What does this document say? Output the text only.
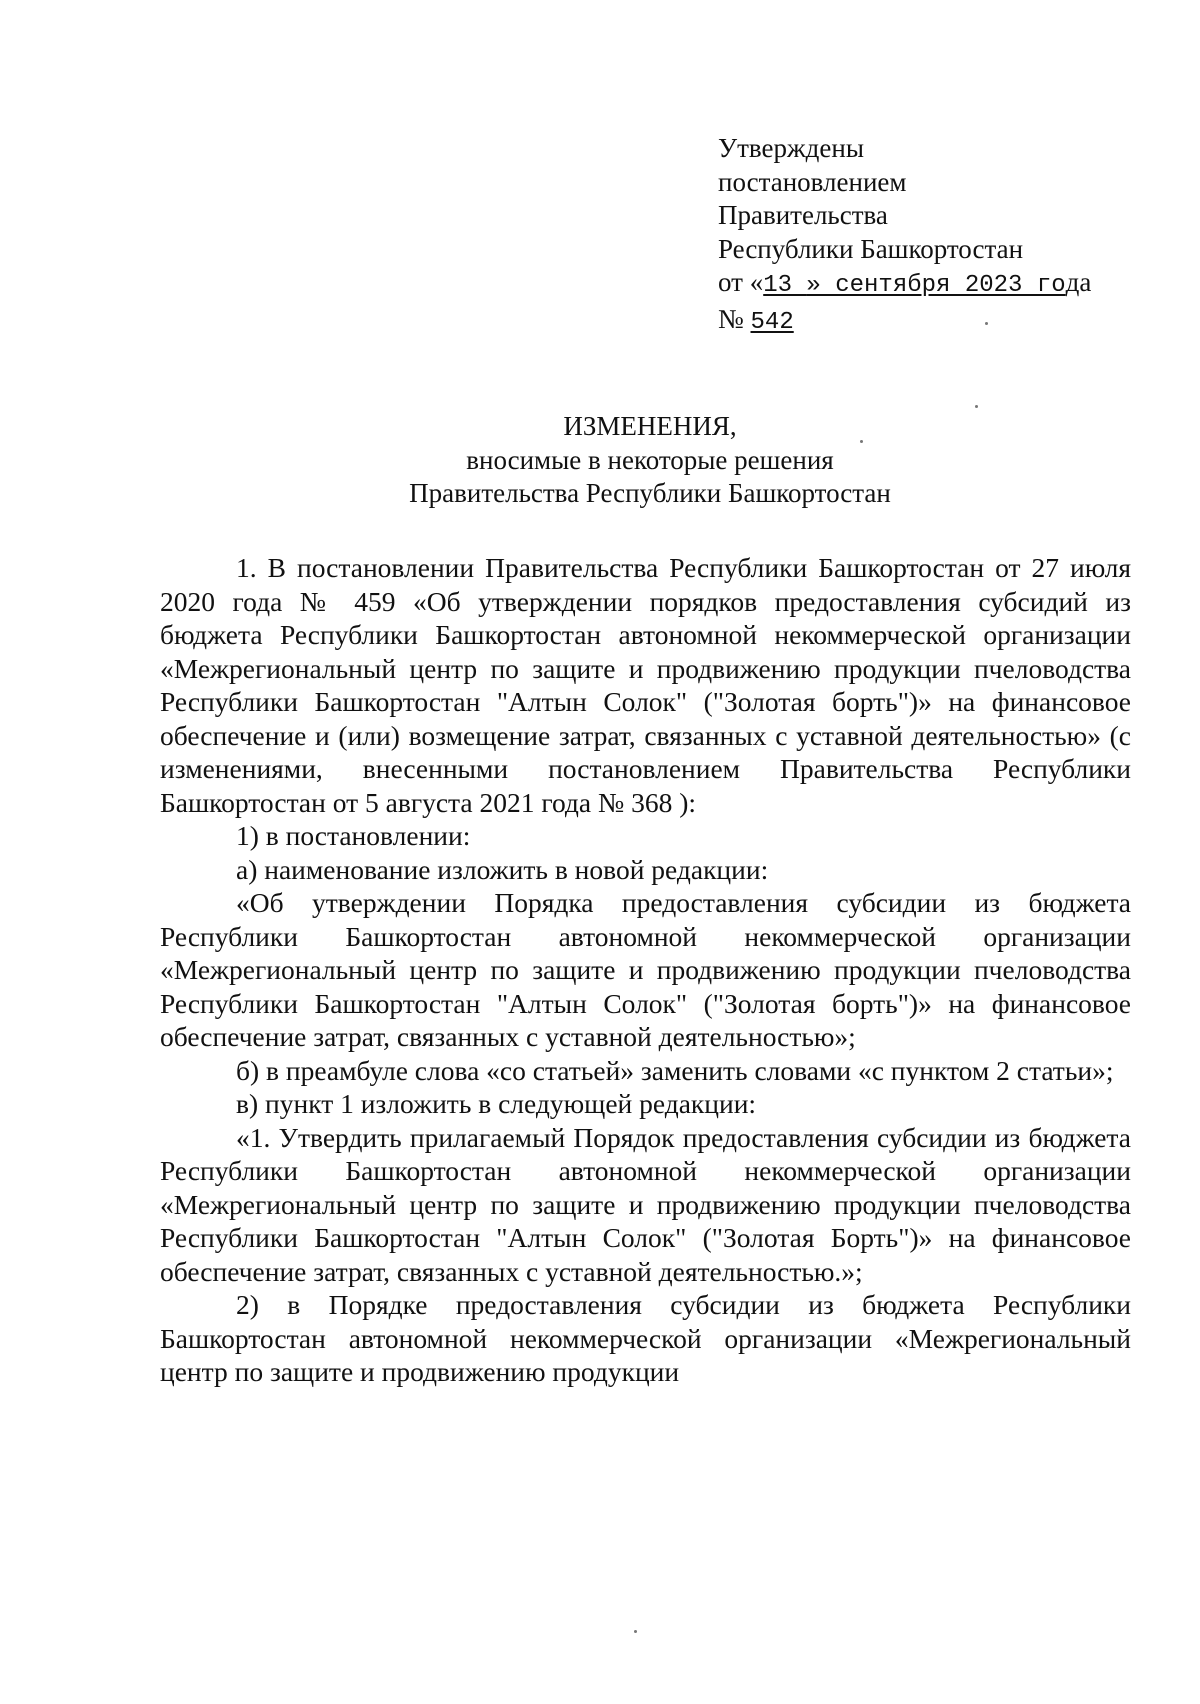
Утверждены
постановлением
Правительства
Республики Башкортостан
от «13 » сентября 2023 года
№ 542
ИЗМЕНЕНИЯ,
вносимые в некоторые решения
Правительства Республики Башкортостан

1. В постановлении Правительства Республики Башкортостан от 27 июля 2020 года № 459 «Об утверждении порядков предоставления субсидий из бюджета Республики Башкортостан автономной некоммерческой организации «Межрегиональный центр по защите и продвижению продукции пчеловодства Республики Башкортостан "Алтын Солок" ("Золотая борть")» на финансовое обеспечение и (или) возмещение затрат, связанных с уставной деятельностью» (с изменениями, внесенными постановлением Правительства Республики Башкортостан от 5 августа 2021 года № 368 ):

1) в постановлении:

а) наименование изложить в новой редакции:

«Об утверждении Порядка предоставления субсидии из бюджета Республики Башкортостан автономной некоммерческой организации «Межрегиональный центр по защите и продвижению продукции пчеловодства Республики Башкортостан "Алтын Солок" ("Золотая борть")» на финансовое обеспечение затрат, связанных с уставной деятельностью»;

б) в преамбуле слова «со статьей» заменить словами «с пунктом 2 статьи»;

в) пункт 1 изложить в следующей редакции:

«1. Утвердить прилагаемый Порядок предоставления субсидии из бюджета Республики Башкортостан автономной некоммерческой организации «Межрегиональный центр по защите и продвижению продукции пчеловодства Республики Башкортостан "Алтын Солок" ("Золотая Борть")» на финансовое обеспечение затрат, связанных с уставной деятельностью.»;

2) в Порядке предоставления субсидии из бюджета Республики Башкортостан автономной некоммерческой организации «Межрегиональный центр по защите и продвижению продукции
